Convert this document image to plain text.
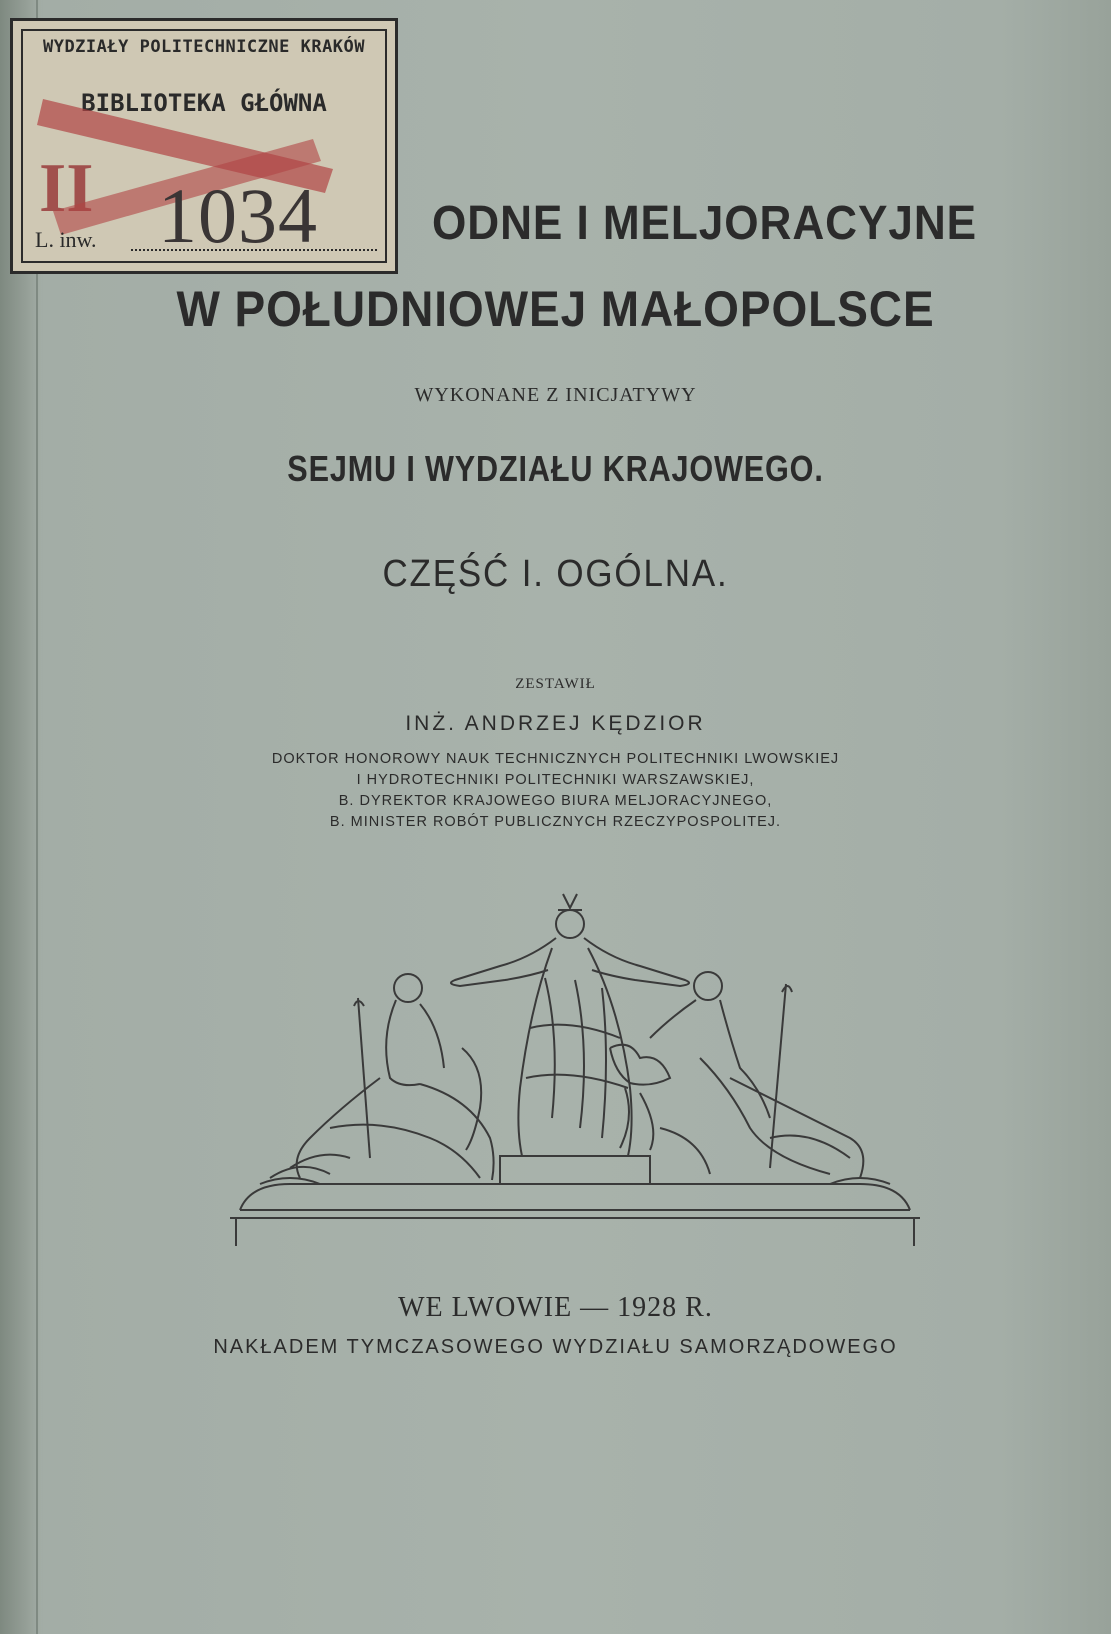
WYDZIAŁY POLITECHNICZNE KRAKÓW
BIBLIOTEKA GŁÓWNA
II 1034
L. inw.	ODNE I MELJORACYJNE
W POŁUDNIOWEJ MAŁOPOLSCE
WYKONANE Z INICJATYWY
SEJMU I WYDZIAŁU KRAJOWEGO.
CZĘŚĆ I. OGÓLNA.
ZESTAWIŁ
INŻ. ANDRZEJ KĘDZIOR
DOKTOR HONOROWY NAUK TECHNICZNYCH POLITECHNIKI LWOWSKIEJ
I HYDROTECHNIKI POLITECHNIKI WARSZAWSKIEJ,
B. DYREKTOR KRAJOWEGO BIURA MELJORACYJNEGO,
B. MINISTER ROBÓT PUBLICZNYCH RZECZYPOSPOLITEJ.
WE LWOWIE — 1928 R.
NAKŁADEM TYMCZASOWEGO WYDZIAŁU SAMORZĄDOWEGO
